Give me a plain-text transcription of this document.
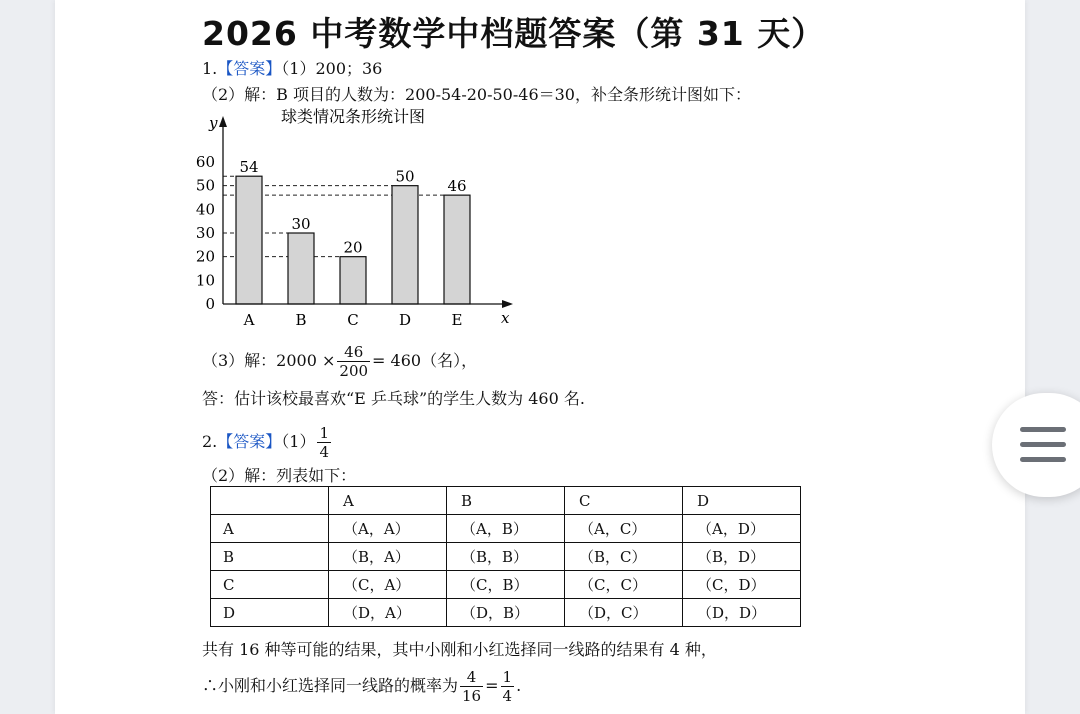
2026 中考数学中档题答案（第 31 天）
1.【答案】（1）200；36
（2）解：B 项目的人数为：200-54-20-50-46＝30，补全条形统计图如下：
球类情况条形统计图
y
x
54
A
30
B
20
C
50
D
46
E
0
10
20
30
40
50
60
（3）解：$2000 \times \frac{46}{200} = 460$（名），
答：估计该校最喜欢“E 乒乓球”的学生人数为 460 名.
2.【答案】$(1) \frac{1}{4}$
（2）解：列表如下：
	A	B	C	D
A	（A，A）	（A，B）	（A，C）	（A，D）
B	（B，A）	（B，B）	（B，C）	（B，D）
C	（C，A）	（C，B）	（C，C）	（C，D）
D	（D，A）	（D，B）	（D，C）	（D，D）
共有 16 种等可能的结果，其中小刚和小红选择同一线路的结果有 4 种，
∴小刚和小红选择同一线路的概率为 $\frac{4}{16} = \frac{1}{4}$ .
